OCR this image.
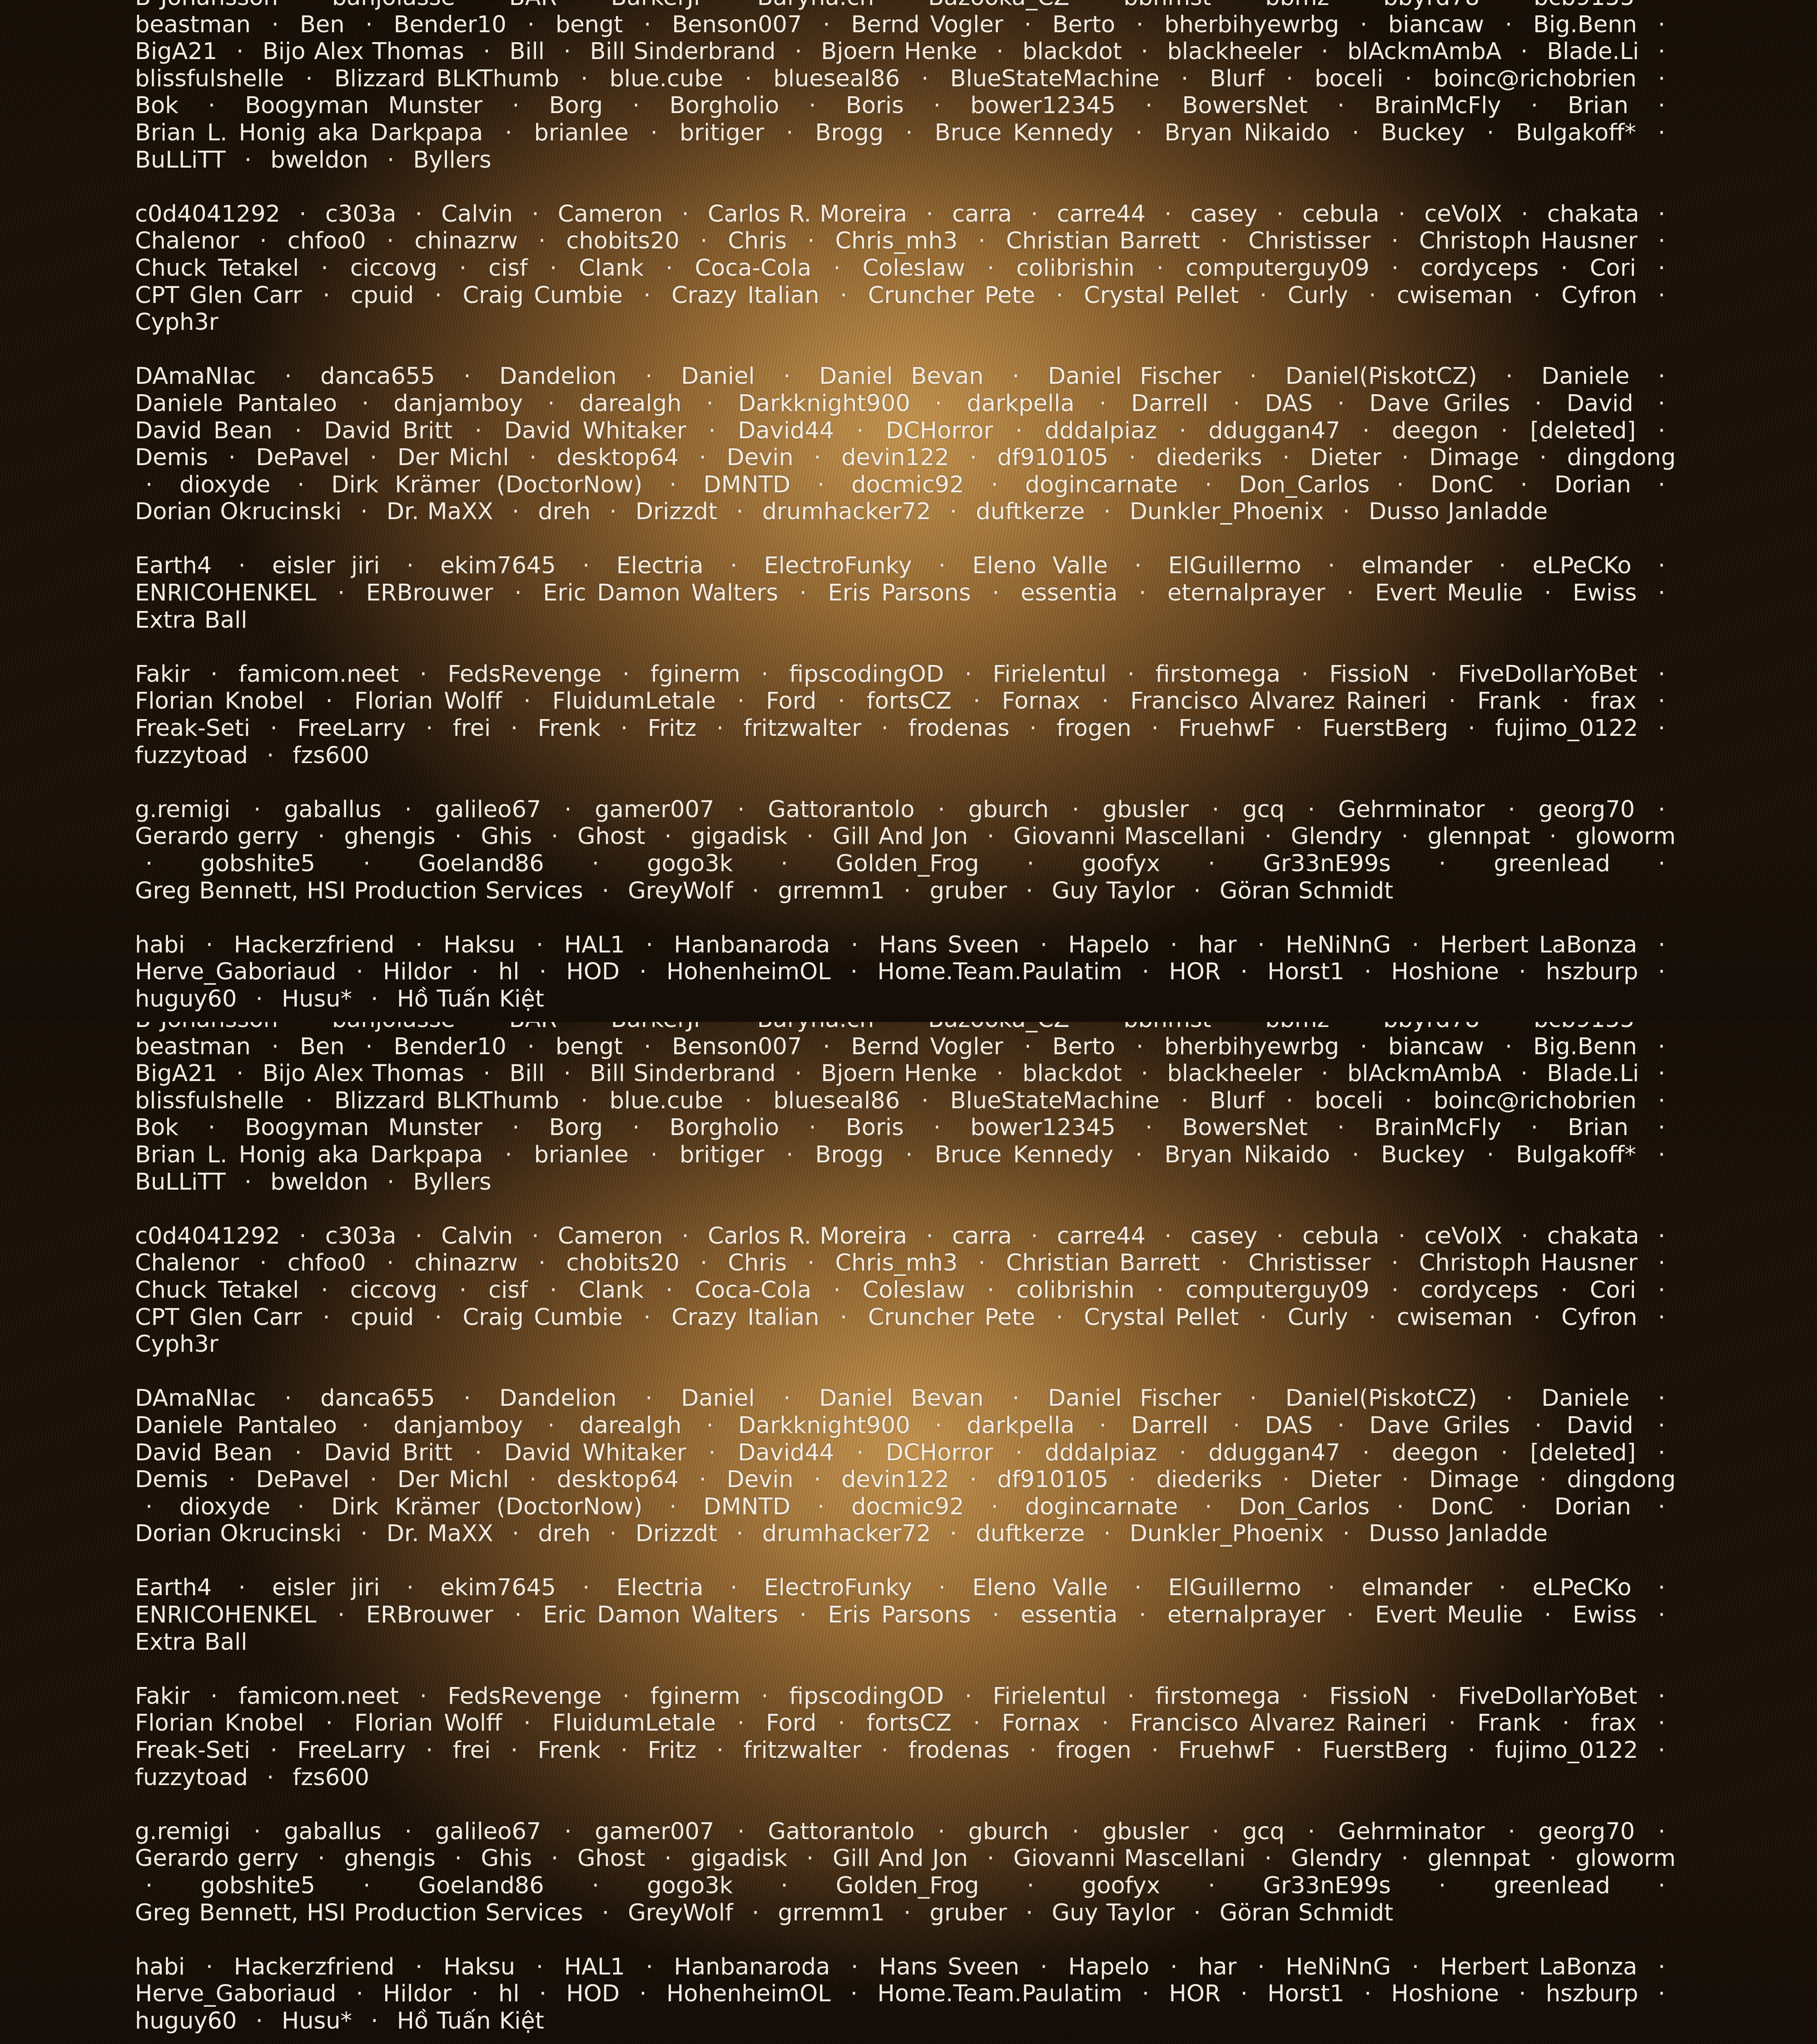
beastman · Ben · Bender10 · bengt · Benson007 · Bernd Vogler · Berto · bherbihyewrbg · biancaw · Big.Benn · BigA21 · Bijo Alex Thomas · Bill · Bill Sinderbrand · Bjoern Henke · blackdot · blackheeler · blAckmAmbA · Blade.Li · blissfulshelle · Blizzard BLKThumb · blue.cube · blueseal86 · BlueStateMachine · Blurf · boceli · boinc@richobrien · Bok · Boogyman Munster · Borg · Borgholio · Boris · bower12345 · BowersNet · BrainMcFly · Brian · Brian L. Honig aka Darkpapa · brianlee · britiger · Brogg · Bruce Kennedy · Bryan Nikaido · Buckey · Bulgakoff* · BuLLiTT · bweldon · Byllers
c0d4041292 · c303a · Calvin · Cameron · Carlos R. Moreira · carra · carre44 · casey · cebula · ceVoIX · chakata · Chalenor · chfoo0 · chinazrw · chobits20 · Chris · Chris_mh3 · Christian Barrett · Christisser · Christoph Hausner · Chuck Tetakel · ciccovg · cisf · Clank · Coca-Cola · Coleslaw · colibrishin · computerguy09 · cordyceps · Cori · CPT Glen Carr · cpuid · Craig Cumbie · Crazy Italian · Cruncher Pete · Crystal Pellet · Curly · cwiseman · Cyfron · Cyph3r
DAmaNIac · danca655 · Dandelion · Daniel · Daniel Bevan · Daniel Fischer · Daniel(PiskotCZ) · Daniele · Daniele Pantaleo · danjamboy · darealgh · Darkknight900 · darkpella · Darrell · DAS · Dave Griles · David · David Bean · David Britt · David Whitaker · David44 · DCHorror · dddalpiaz · dduggan47 · deegon · [deleted] · Demis · DePavel · Der Michl · desktop64 · Devin · devin122 · df910105 · diederiks · Dieter · Dimage · dingdong · dioxyde · Dirk Krämer (DoctorNow) · DMNTD · docmic92 · dogincarnate · Don_Carlos · DonC · Dorian · Dorian Okrucinski · Dr. MaXX · dreh · Drizzdt · drumhacker72 · duftkerze · Dunkler_Phoenix · Dusso Janladde
Earth4 · eisler jiri · ekim7645 · Electria · ElectroFunky · Eleno Valle · ElGuillermo · elmander · eLPeCKo · ENRICOHENKEL · ERBrouwer · Eric Damon Walters · Eris Parsons · essentia · eternalprayer · Evert Meulie · Ewiss · Extra Ball
Fakir · famicom.neet · FedsRevenge · fginerm · fipscodingOD · Firielentul · firstomega · FissioN · FiveDollarYoBet · Florian Knobel · Florian Wolff · FluidumLetale · Ford · fortsCZ · Fornax · Francisco Alvarez Raineri · Frank · frax · Freak-Seti · FreeLarry · frei · Frenk · Fritz · fritzwalter · frodenas · frogen · FruehwF · FuerstBerg · fujimo_0122 · fuzzytoad · fzs600
g.remigi · gaballus · galileo67 · gamer007 · Gattorantolo · gburch · gbusler · gcq · Gehrminator · georg70 · Gerardo gerry · ghengis · Ghis · Ghost · gigadisk · Gill And Jon · Giovanni Mascellani · Glendry · glennpat · gloworm · gobshite5 · Goeland86 · gogo3k · Golden_Frog · goofyx · Gr33nE99s · greenlead · Greg Bennett, HSI Production Services · GreyWolf · grremm1 · gruber · Guy Taylor · Göran Schmidt
habi · Hackerzfriend · Haksu · HAL1 · Hanbanaroda · Hans Sveen · Hapelo · har · HeNiNnG · Herbert LaBonza · Herve_Gaboriaud · Hildor · hl · HOD · HohenheimOL · Home.Team.Paulatim · HOR · Horst1 · Hoshione · hszburp · huguy60 · Husu* · Hồ Tuấn Kiệt
beastman · Ben · Bender10 · bengt · Benson007 · Bernd Vogler · Berto · bherbihyewrbg · biancaw · Big.Benn · BigA21 · Bijo Alex Thomas · Bill · Bill Sinderbrand · Bjoern Henke · blackdot · blackheeler · blAckmAmbA · Blade.Li · blissfulshelle · Blizzard BLKThumb · blue.cube · blueseal86 · BlueStateMachine · Blurf · boceli · boinc@richobrien · Bok · Boogyman Munster · Borg · Borgholio · Boris · bower12345 · BowersNet · BrainMcFly · Brian · Brian L. Honig aka Darkpapa · brianlee · britiger · Brogg · Bruce Kennedy · Bryan Nikaido · Buckey · Bulgakoff* · BuLLiTT · bweldon · Byllers
c0d4041292 · c303a · Calvin · Cameron · Carlos R. Moreira · carra · carre44 · casey · cebula · ceVoIX · chakata · Chalenor · chfoo0 · chinazrw · chobits20 · Chris · Chris_mh3 · Christian Barrett · Christisser · Christoph Hausner · Chuck Tetakel · ciccovg · cisf · Clank · Coca-Cola · Coleslaw · colibrishin · computerguy09 · cordyceps · Cori · CPT Glen Carr · cpuid · Craig Cumbie · Crazy Italian · Cruncher Pete · Crystal Pellet · Curly · cwiseman · Cyfron · Cyph3r
DAmaNIac · danca655 · Dandelion · Daniel · Daniel Bevan · Daniel Fischer · Daniel(PiskotCZ) · Daniele · Daniele Pantaleo · danjamboy · darealgh · Darkknight900 · darkpella · Darrell · DAS · Dave Griles · David · David Bean · David Britt · David Whitaker · David44 · DCHorror · dddalpiaz · dduggan47 · deegon · [deleted] · Demis · DePavel · Der Michl · desktop64 · Devin · devin122 · df910105 · diederiks · Dieter · Dimage · dingdong · dioxyde · Dirk Krämer (DoctorNow) · DMNTD · docmic92 · dogincarnate · Don_Carlos · DonC · Dorian · Dorian Okrucinski · Dr. MaXX · dreh · Drizzdt · drumhacker72 · duftkerze · Dunkler_Phoenix · Dusso Janladde
Earth4 · eisler jiri · ekim7645 · Electria · ElectroFunky · Eleno Valle · ElGuillermo · elmander · eLPeCKo · ENRICOHENKEL · ERBrouwer · Eric Damon Walters · Eris Parsons · essentia · eternalprayer · Evert Meulie · Ewiss · Extra Ball
Fakir · famicom.neet · FedsRevenge · fginerm · fipscodingOD · Firielentul · firstomega · FissioN · FiveDollarYoBet · Florian Knobel · Florian Wolff · FluidumLetale · Ford · fortsCZ · Fornax · Francisco Alvarez Raineri · Frank · frax · Freak-Seti · FreeLarry · frei · Frenk · Fritz · fritzwalter · frodenas · frogen · FruehwF · FuerstBerg · fujimo_0122 · fuzzytoad · fzs600
g.remigi · gaballus · galileo67 · gamer007 · Gattorantolo · gburch · gbusler · gcq · Gehrminator · georg70 · Gerardo gerry · ghengis · Ghis · Ghost · gigadisk · Gill And Jon · Giovanni Mascellani · Glendry · glennpat · gloworm · gobshite5 · Goeland86 · gogo3k · Golden_Frog · goofyx · Gr33nE99s · greenlead · Greg Bennett, HSI Production Services · GreyWolf · grremm1 · gruber · Guy Taylor · Göran Schmidt
habi · Hackerzfriend · Haksu · HAL1 · Hanbanaroda · Hans Sveen · Hapelo · har · HeNiNnG · Herbert LaBonza · Herve_Gaboriaud · Hildor · hl · HOD · HohenheimOL · Home.Team.Paulatim · HOR · Horst1 · Hoshione · hszburp · huguy60 · Husu* · Hồ Tuấn Kiệt
